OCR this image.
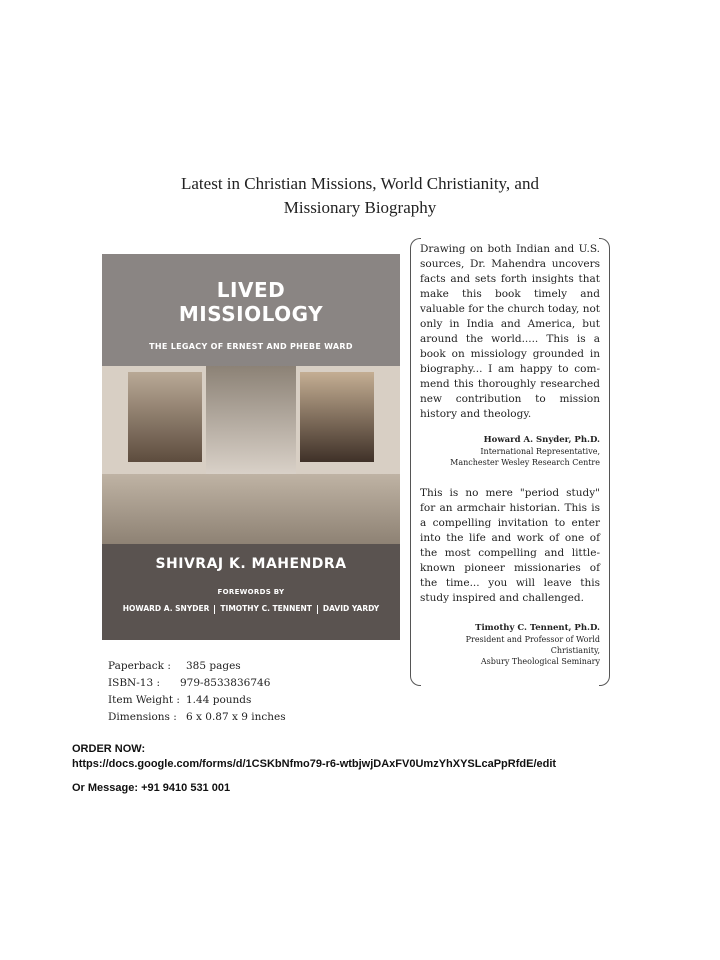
Latest in Christian Missions, World Christianity, and
Missionary Biography
LIVED
MISSIOLOGY
THE LEGACY OF ERNEST AND PHEBE WARD
SHIVRAJ K. MAHENDRA
FOREWORDS BY
HOWARD A. SNYDER TIMOTHY C. TENNENT DAVID YARDY
Paperback : 385 pages
ISBN-13 : 979-8533836746
Item Weight : 1.44 pounds
Dimensions : 6 x 0.87 x 9 inches
Drawing on both Indian and U.S. sources, Dr. Mahendra uncovers facts and sets forth insights that make this book timely and valuable for the church today, not only in India and America, but around the world..... This is a book on missiology grounded in biography... I am happy to com-mend this thoroughly researched new contribution to mission history and theology.
Howard A. Snyder, Ph.D.
International Representative,
Manchester Wesley Research Centre
This is no mere "period study" for an armchair historian. This is a compelling invitation to enter into the life and work of one of the most compelling and little-known pioneer missionaries of the time... you will leave this study inspired and challenged.
Timothy C. Tennent, Ph.D.
President and Professor of World
Christianity,
Asbury Theological Seminary
ORDER NOW:
https://docs.google.com/forms/d/1CSKbNfmo79-r6-wtbjwjDAxFV0UmzYhXYSLcaPpRfdE/edit
Or Message: +91 9410 531 001
